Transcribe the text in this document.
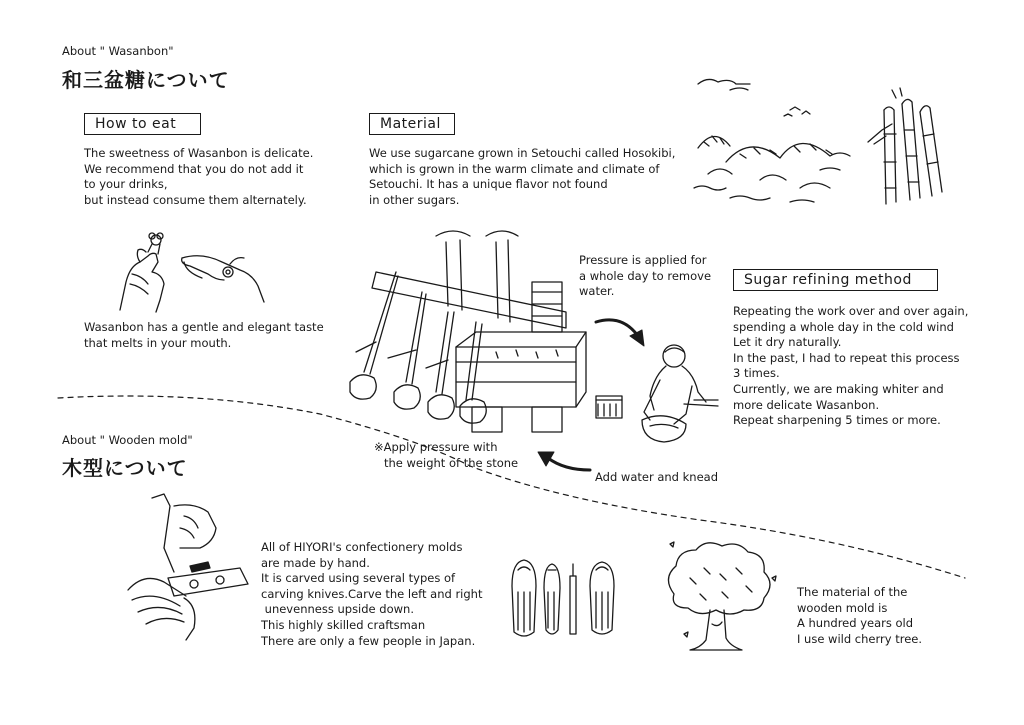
About " Wasanbon"
和三盆糖について
How to eat
The sweetness of Wasanbon is delicate.
We recommend that you do not add it
to your drinks,
but instead consume them alternately.
Wasanbon has a gentle and elegant taste
that melts in your mouth.
Material
We use sugarcane grown in Setouchi called Hosokibi,
which is grown in the warm climate and climate of
Setouchi. It has a unique flavor not found
in other sugars.
Pressure is applied for
a whole day to remove
water.
※Apply pressure with
the weight of the stone
Add water and knead
Sugar refining method
Repeating the work over and over again,
spending a whole day in the cold wind
Let it dry naturally.
In the past, I had to repeat this process
3 times.
Currently, we are making whiter and
more delicate Wasanbon.
Repeat sharpening 5 times or more.
About " Wooden mold"
木型について
All of HIYORI's confectionery molds
are made by hand.
It is carved using several types of
carving knives.Carve the left and right
unevenness upside down.
This highly skilled craftsman
There are only a few people in Japan.
The material of the
wooden mold is
A hundred years old
I use wild cherry tree.
